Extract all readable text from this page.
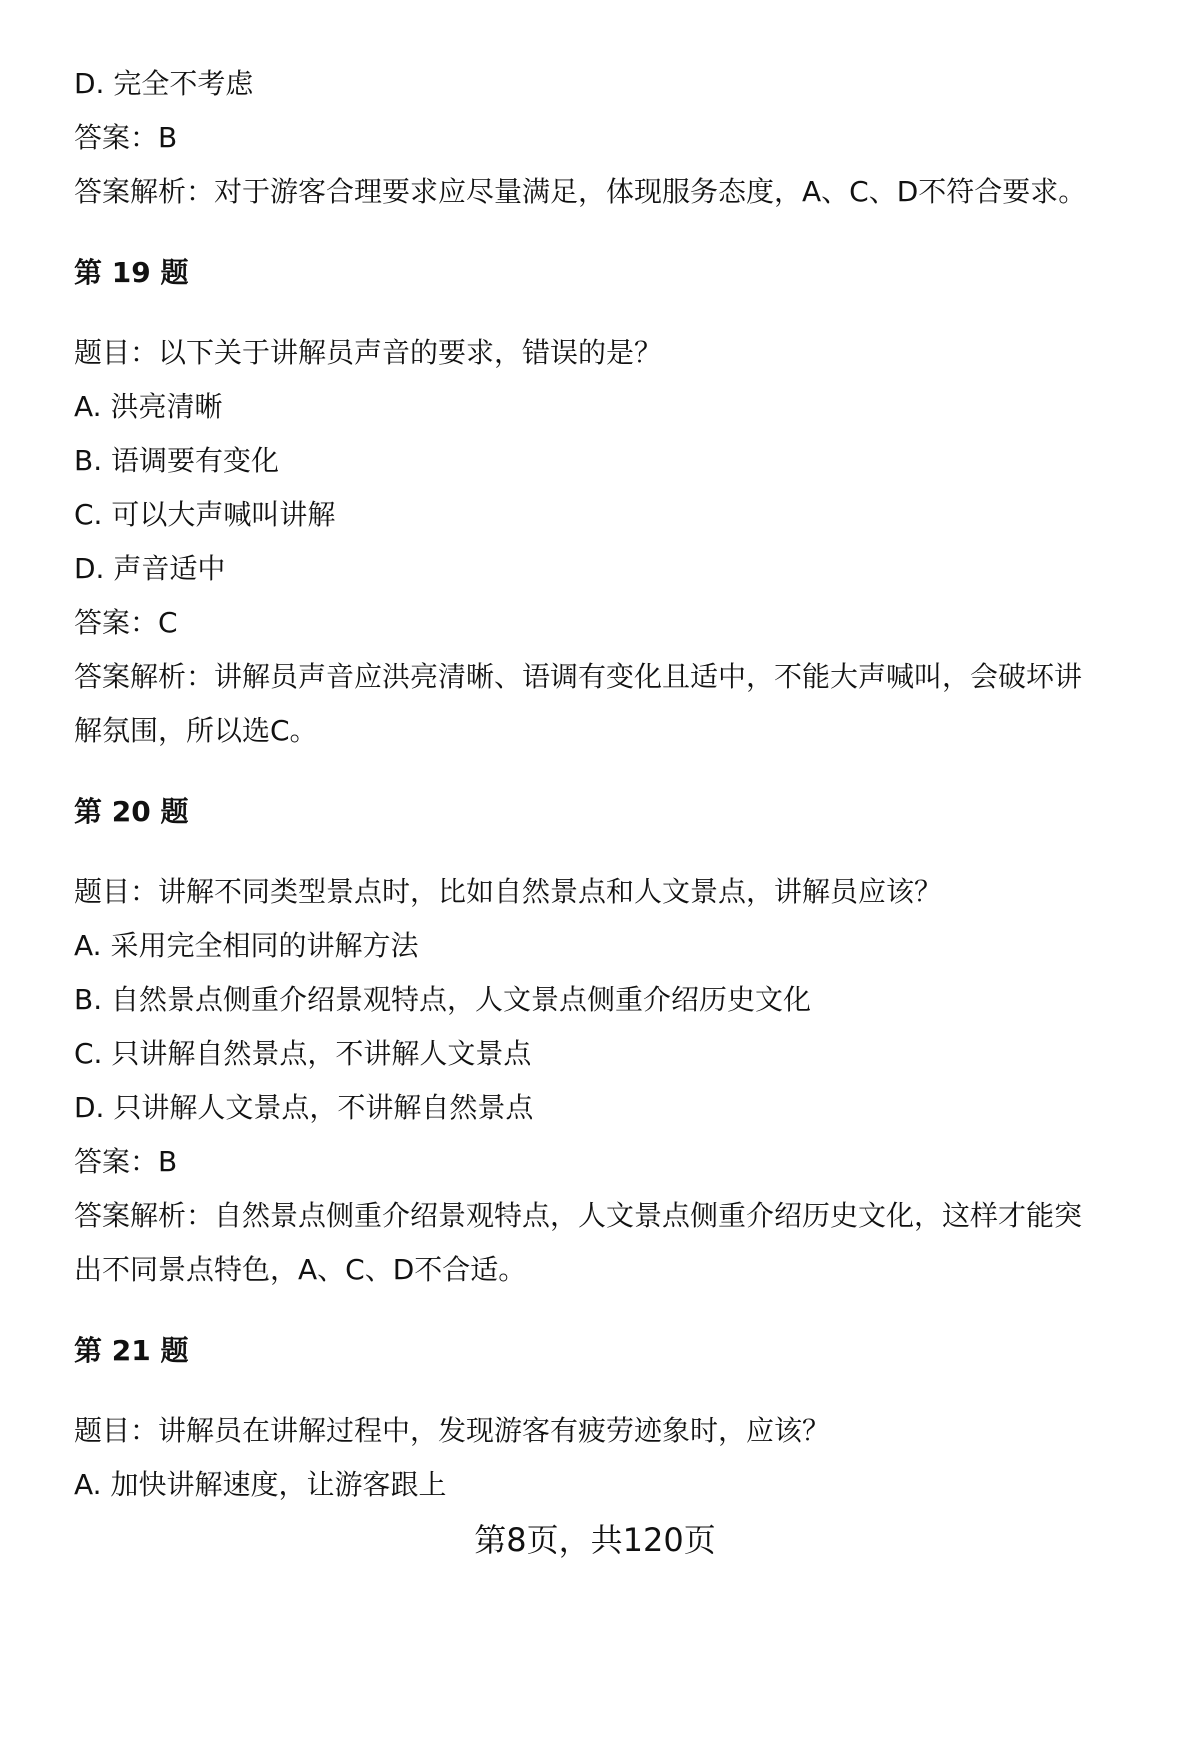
D. 完全不考虑
答案：B
答案解析：对于游客合理要求应尽量满足，体现服务态度，A、C、D不符合要求。
第 19 题
题目：以下关于讲解员声音的要求，错误的是？
A. 洪亮清晰
B. 语调要有变化
C. 可以大声喊叫讲解
D. 声音适中
答案：C
答案解析：讲解员声音应洪亮清晰、语调有变化且适中，不能大声喊叫，会破坏讲
解氛围，所以选C。
第 20 题
题目：讲解不同类型景点时，比如自然景点和人文景点，讲解员应该？
A. 采用完全相同的讲解方法
B. 自然景点侧重介绍景观特点，人文景点侧重介绍历史文化
C. 只讲解自然景点，不讲解人文景点
D. 只讲解人文景点，不讲解自然景点
答案：B
答案解析：自然景点侧重介绍景观特点，人文景点侧重介绍历史文化，这样才能突
出不同景点特色，A、C、D不合适。
第 21 题
题目：讲解员在讲解过程中，发现游客有疲劳迹象时，应该？
A. 加快讲解速度，让游客跟上
第8页，共120页
